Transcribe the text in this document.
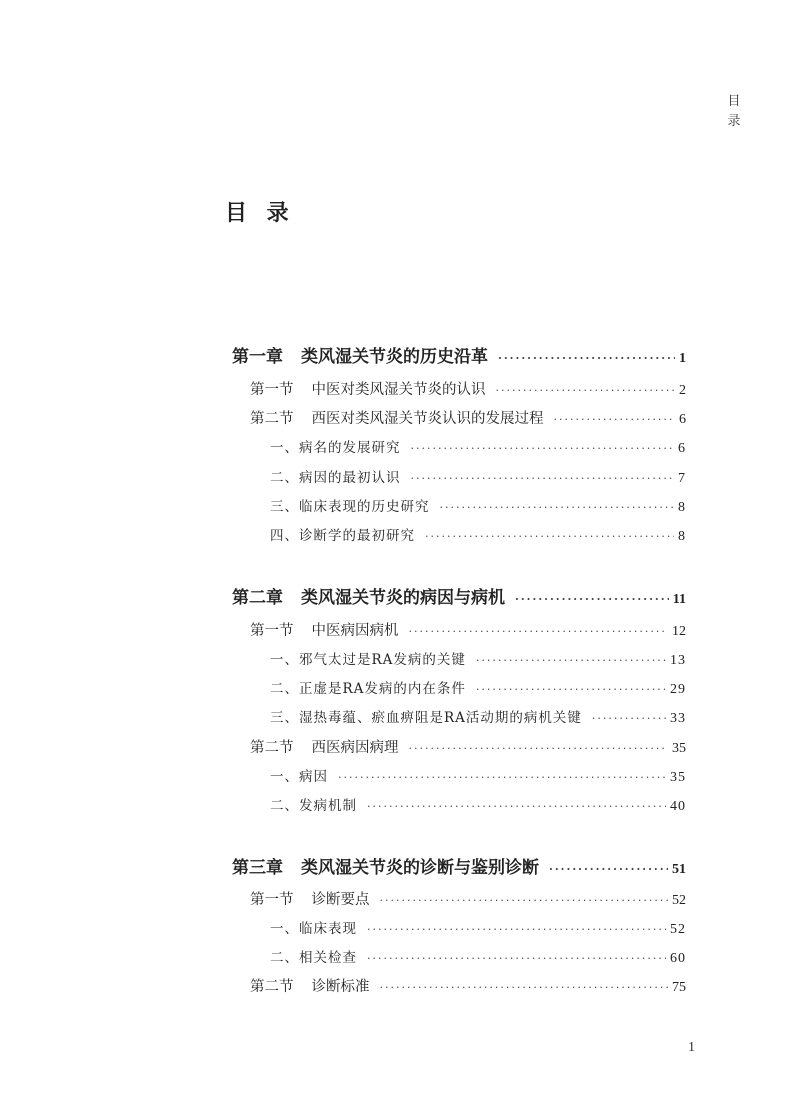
目
录
目 录
第一章 类风湿关节炎的历史沿革 ·····	1
第一节 中医对类风湿关节炎的认识 ·····	2
第二节 西医对类风湿关节炎认识的发展过程 ·····	6
一、病名的发展研究 ·····	6
二、病因的最初认识 ·····	7
三、临床表现的历史研究 ·····	8
四、诊断学的最初研究 ·····	8
第二章 类风湿关节炎的病因与病机 ·····	11
第一节 中医病因病机 ·····	12
一、邪气太过是RA发病的关键 ·····	13
二、正虚是RA发病的内在条件 ·····	29
三、湿热毒蕴、瘀血痹阻是RA活动期的病机关键 ·····	33
第二节 西医病因病理 ·····	35
一、病因 ·····	35
二、发病机制 ·····	40
第三章 类风湿关节炎的诊断与鉴别诊断 ·····	51
第一节 诊断要点 ·····	52
一、临床表现 ·····	52
二、相关检查 ·····	60
第二节 诊断标准 ·····	75
1
